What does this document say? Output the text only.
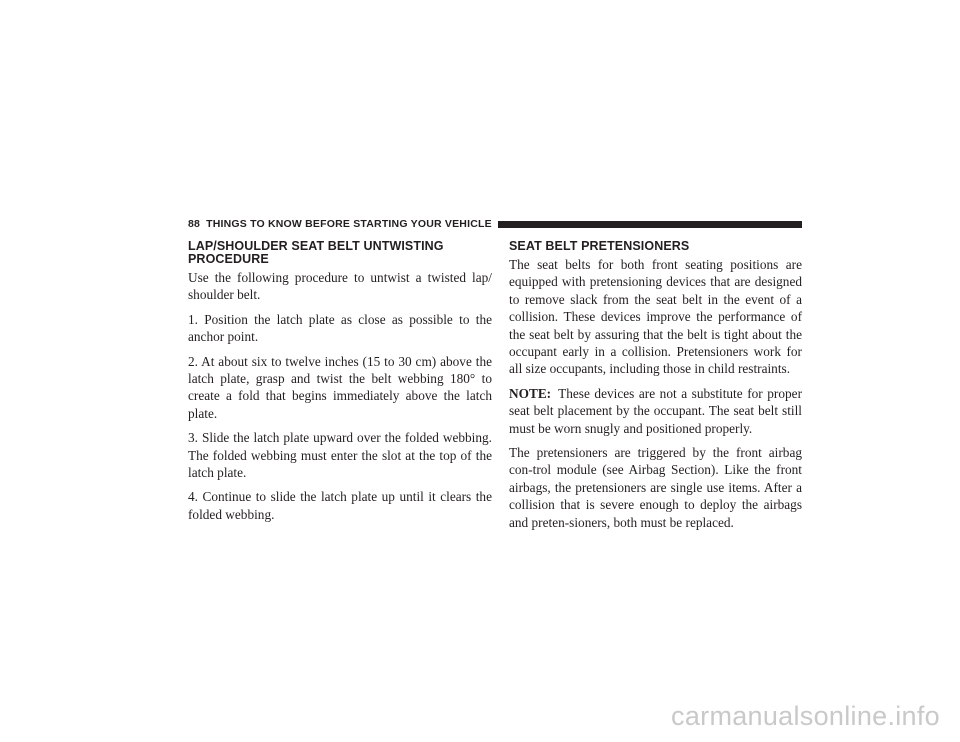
88 THINGS TO KNOW BEFORE STARTING YOUR VEHICLE
LAP/SHOULDER SEAT BELT UNTWISTING PROCEDURE

Use the following procedure to untwist a twisted lap/ shoulder belt.

1. Position the latch plate as close as possible to the anchor point.

2. At about six to twelve inches (15 to 30 cm) above the latch plate, grasp and twist the belt webbing 180° to create a fold that begins immediately above the latch plate.

3. Slide the latch plate upward over the folded webbing. The folded webbing must enter the slot at the top of the latch plate.

4. Continue to slide the latch plate up until it clears the folded webbing.

SEAT BELT PRETENSIONERS

The seat belts for both front seating positions are equipped with pretensioning devices that are designed to remove slack from the seat belt in the event of a collision. These devices improve the performance of the seat belt by assuring that the belt is tight about the occupant early in a collision. Pretensioners work for all size occupants, including those in child restraints.

NOTE: These devices are not a substitute for proper seat belt placement by the occupant. The seat belt still must be worn snugly and positioned properly.

The pretensioners are triggered by the front airbag con-trol module (see Airbag Section). Like the front airbags, the pretensioners are single use items. After a collision that is severe enough to deploy the airbags and preten-sioners, both must be replaced.

carmanualsonline.info
